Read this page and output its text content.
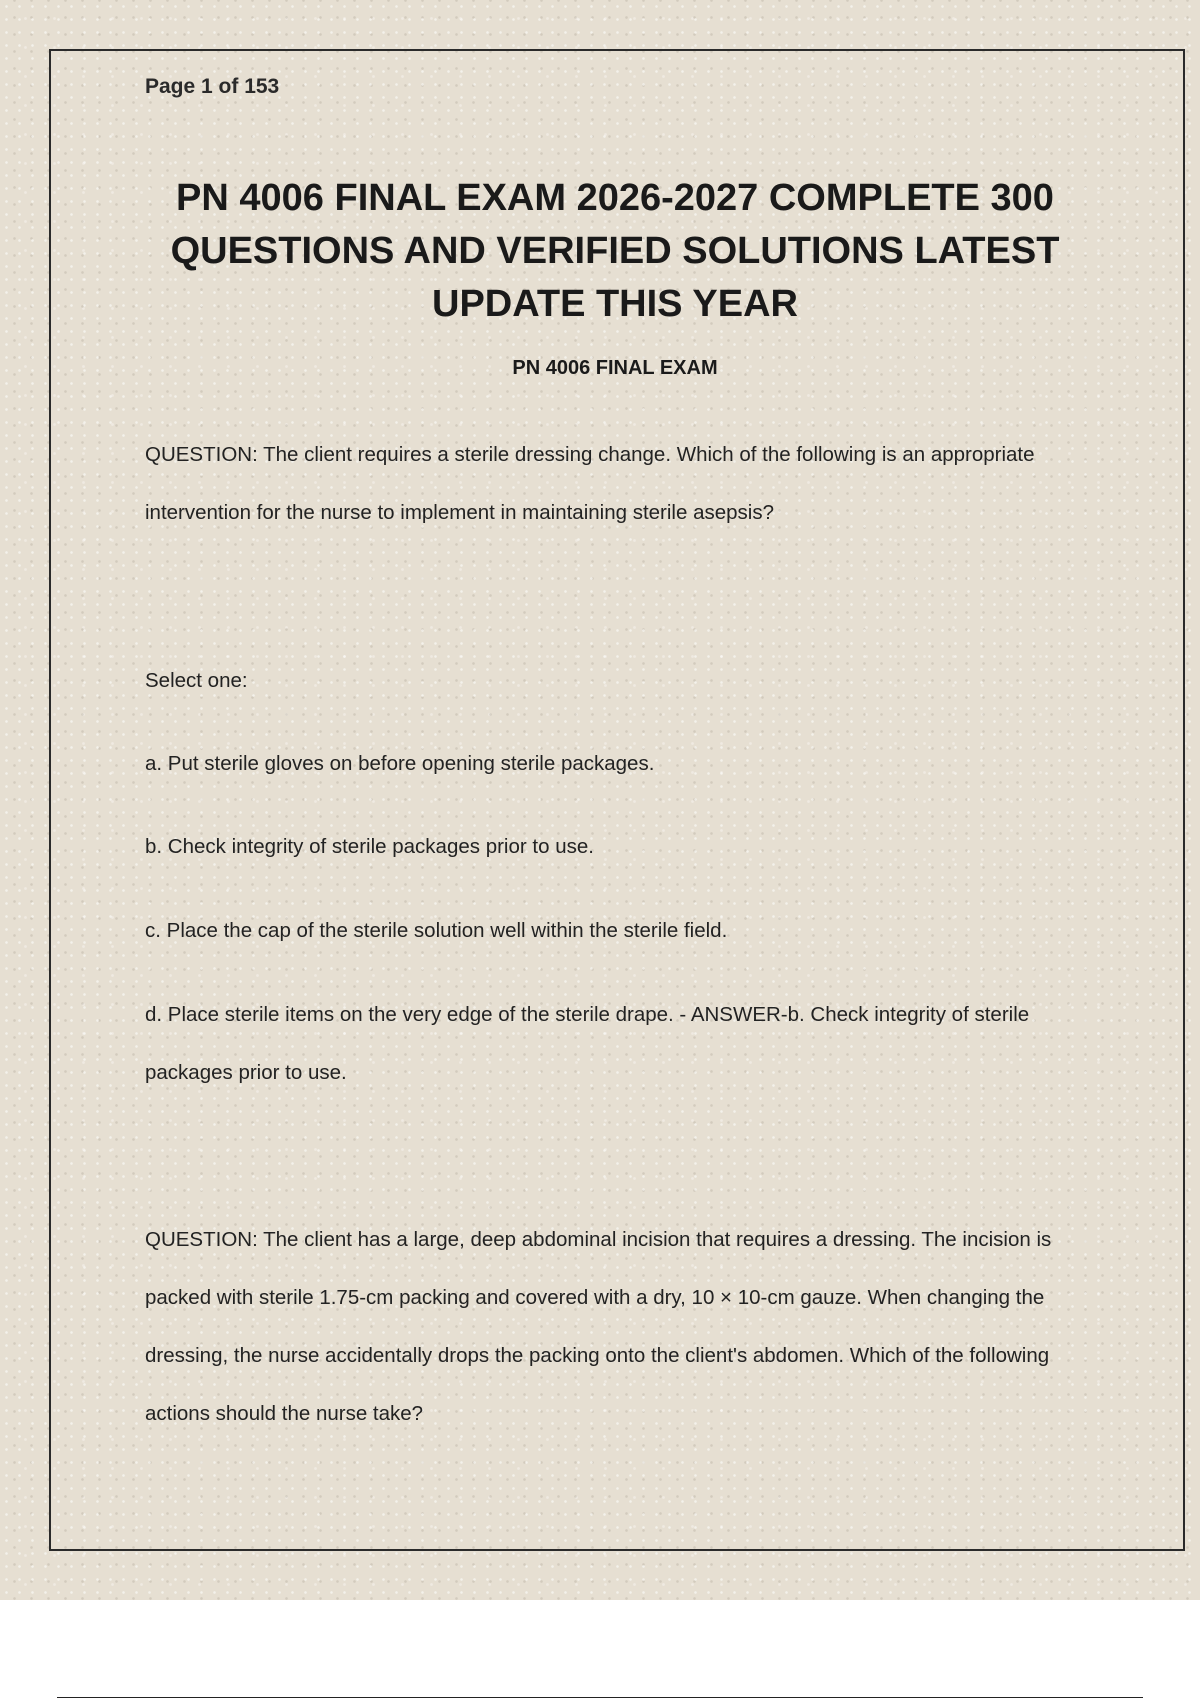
Page 1 of 153
PN 4006 FINAL EXAM 2026-2027 COMPLETE 300 QUESTIONS AND VERIFIED SOLUTIONS LATEST UPDATE THIS YEAR
PN 4006 FINAL EXAM
QUESTION: The client requires a sterile dressing change. Which of the following is an appropriate intervention for the nurse to implement in maintaining sterile asepsis?
Select one:
a. Put sterile gloves on before opening sterile packages.
b. Check integrity of sterile packages prior to use.
c. Place the cap of the sterile solution well within the sterile field.
d. Place sterile items on the very edge of the sterile drape. - ANSWER-b. Check integrity of sterile packages prior to use.
QUESTION: The client has a large, deep abdominal incision that requires a dressing. The incision is packed with sterile 1.75-cm packing and covered with a dry, 10 × 10-cm gauze. When changing the dressing, the nurse accidentally drops the packing onto the client's abdomen. Which of the following actions should the nurse take?
